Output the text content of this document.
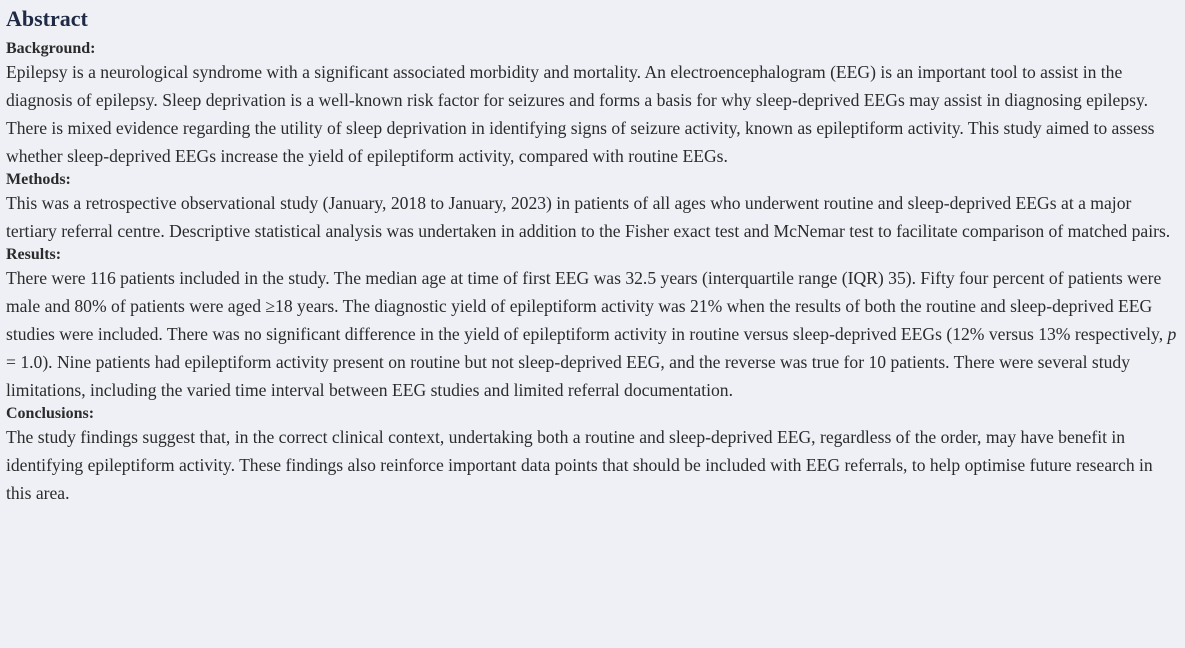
Abstract
Background:

Epilepsy is a neurological syndrome with a significant associated morbidity and mortality. An electroencephalogram (EEG) is an important tool to assist in the diagnosis of epilepsy. Sleep deprivation is a well-known risk factor for seizures and forms a basis for why sleep-deprived EEGs may assist in diagnosing epilepsy. There is mixed evidence regarding the utility of sleep deprivation in identifying signs of seizure activity, known as epileptiform activity. This study aimed to assess whether sleep-deprived EEGs increase the yield of epileptiform activity, compared with routine EEGs.

Methods:

This was a retrospective observational study (January, 2018 to January, 2023) in patients of all ages who underwent routine and sleep-deprived EEGs at a major tertiary referral centre. Descriptive statistical analysis was undertaken in addition to the Fisher exact test and McNemar test to facilitate comparison of matched pairs.

Results:

There were 116 patients included in the study. The median age at time of first EEG was 32.5 years (interquartile range (IQR) 35). Fifty four percent of patients were male and 80% of patients were aged ≥18 years. The diagnostic yield of epileptiform activity was 21% when the results of both the routine and sleep-deprived EEG studies were included. There was no significant difference in the yield of epileptiform activity in routine versus sleep-deprived EEGs (12% versus 13% respectively, p = 1.0). Nine patients had epileptiform activity present on routine but not sleep-deprived EEG, and the reverse was true for 10 patients. There were several study limitations, including the varied time interval between EEG studies and limited referral documentation.

Conclusions:

The study findings suggest that, in the correct clinical context, undertaking both a routine and sleep-deprived EEG, regardless of the order, may have benefit in identifying epileptiform activity. These findings also reinforce important data points that should be included with EEG referrals, to help optimise future research in this area.
